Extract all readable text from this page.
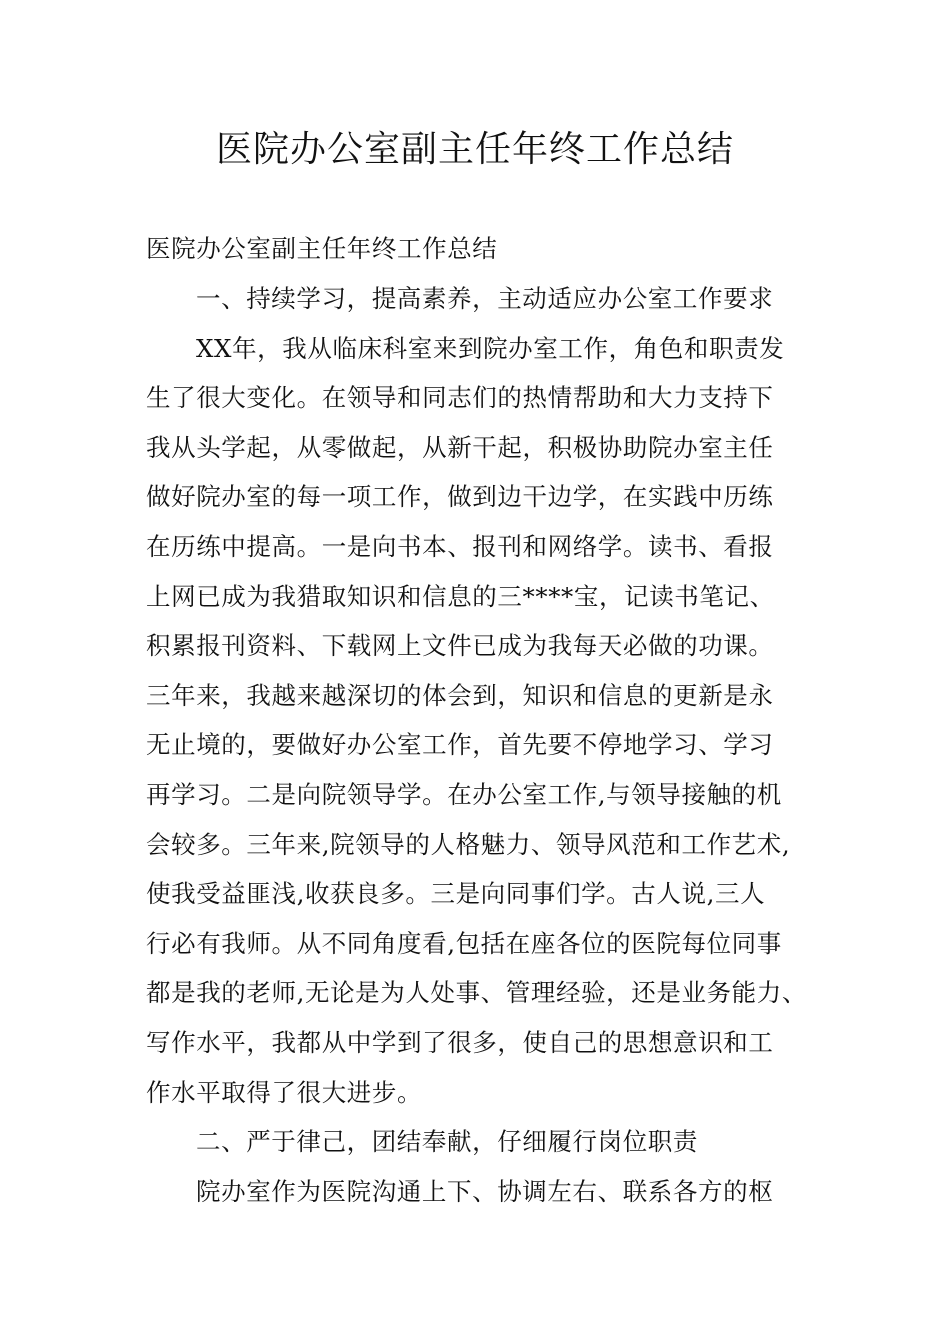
医院办公室副主任年终工作总结
医院办公室副主任年终工作总结
一、持续学习，提高素养，主动适应办公室工作要求
XX年，我从临床科室来到院办室工作，角色和职责发
生了很大变化。在领导和同志们的热情帮助和大力支持下
我从头学起，从零做起，从新干起，积极协助院办室主任
做好院办室的每一项工作，做到边干边学，在实践中历练
在历练中提高。一是向书本、报刊和网络学。读书、看报
上网已成为我猎取知识和信息的三****宝，记读书笔记、
积累报刊资料、下载网上文件已成为我每天必做的功课。
三年来，我越来越深切的体会到，知识和信息的更新是永
无止境的，要做好办公室工作，首先要不停地学习、学习
再学习。二是向院领导学。在办公室工作,与领导接触的机
会较多。三年来,院领导的人格魅力、领导风范和工作艺术,
使我受益匪浅,收获良多。三是向同事们学。古人说,三人
行必有我师。从不同角度看,包括在座各位的医院每位同事
都是我的老师,无论是为人处事、管理经验，还是业务能力、
写作水平，我都从中学到了很多，使自己的思想意识和工
作水平取得了很大进步。
二、严于律己，团结奉献，仔细履行岗位职责
院办室作为医院沟通上下、协调左右、联系各方的枢
